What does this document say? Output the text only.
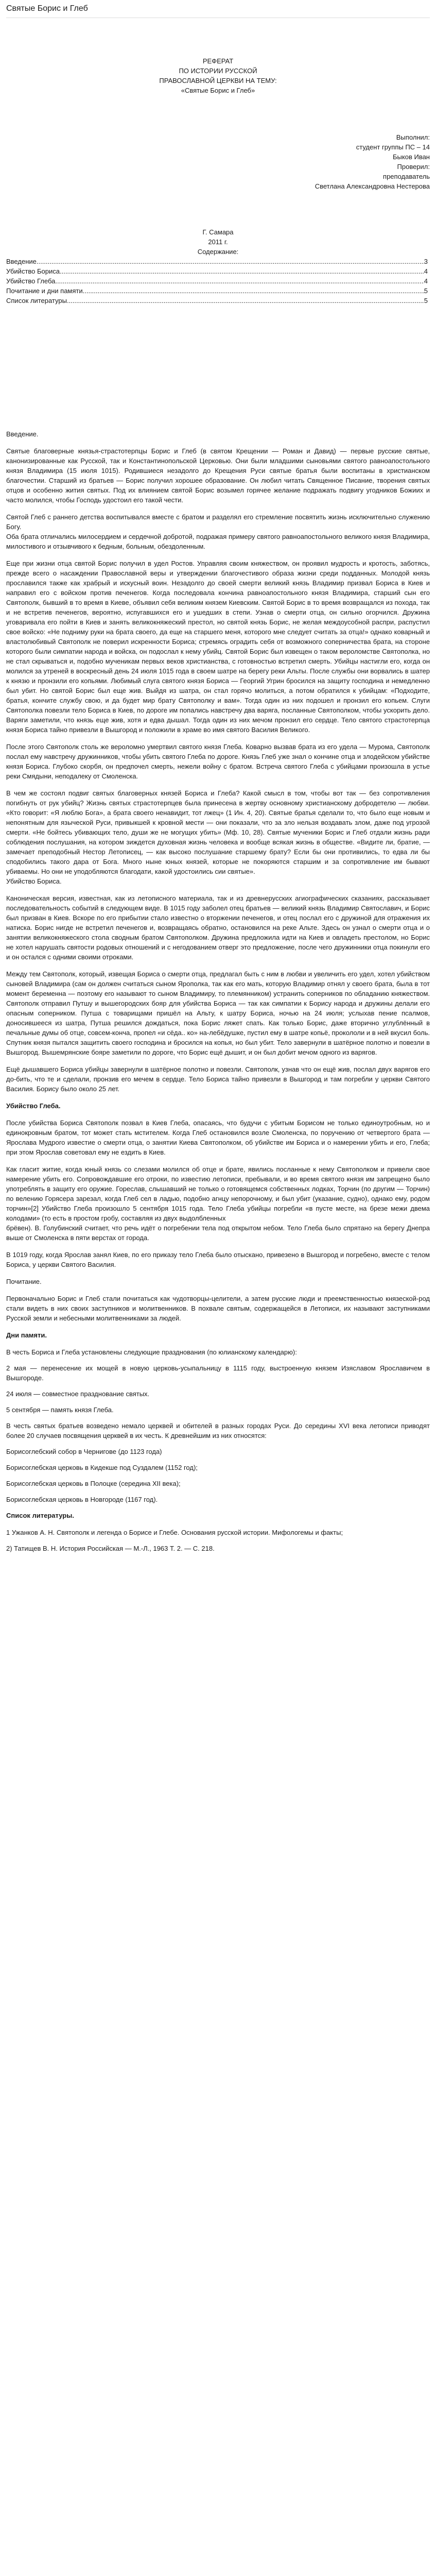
Святые Борис и Глеб

РЕФЕРАТ

ПО ИСТОРИИ РУССКОЙ

ПРАВОСЛАВНОЙ ЦЕРКВИ НА ТЕМУ:

«Святые Борис и Глеб»

Выполнил:

студент группы ПС – 14

Быков Иван

Проверил:

преподаватель

Светлана Александровна Нестерова

Г. Самара

2011 г.

Содержание:

Введение .....	3

Убийство Бориса .....	4

Убийство Глеба .....	4

Почитание и дни памяти .....	5

Список литературы .....	5

Введение.

Святые благоверные князья-страстотерпцы Борис и Глеб (в святом Крещении — Роман и Давид) — первые русские святые, канонизированные как Русской, так и Константинопольской Церковью. Они были младшими сыновьями святого равноапостольного князя Владимира (15 июля 1015). Родившиеся незадолго до Крещения Руси святые братья были воспитаны в христианском благочестии. Старший из братьев — Борис получил хорошее образование. Он любил читать Священное Писание, творения святых отцов и особенно жития святых. Под их влиянием святой Борис возымел горячее желание подражать подвигу угодников Божиих и часто молился, чтобы Господь удостоил его такой чести.

Святой Глеб с раннего детства воспитывался вместе с братом и разделял его стремление посвятить жизнь исключительно служению Богу.

Оба брата отличались милосердием и сердечной добротой, подражая примеру святого равноапостольного великого князя Владимира, милостивого и отзывчивого к бедным, больным, обездоленным.

Еще при жизни отца святой Борис получил в удел Ростов. Управляя своим княжеством, он проявил мудрость и кротость, заботясь, прежде всего о насаждении Православной веры и утверждении благочестивого образа жизни среди подданных. Молодой князь прославился также как храбрый и искусный воин. Незадолго до своей смерти великий князь Владимир призвал Бориса в Киев и направил его с войском против печенегов. Когда последовала кончина равноапостольного князя Владимира, старший сын его Святополк, бывший в то время в Киеве, объявил себя великим князем Киевским. Святой Борис в то время возвращался из похода, так и не встретив печенегов, вероятно, испугавшихся его и ушедших в степи. Узнав о смерти отца, он сильно огорчился. Дружина уговаривала его пойти в Киев и занять великокняжеский престол, но святой князь Борис, не желая междоусобной распри, распустил свое войско: «Не подниму руки на брата своего, да еще на старшего меня, которого мне следует считать за отца!» однако коварный и властолюбивый Святополк не поверил искренности Бориса; стремясь оградить себя от возможного соперничества брата, на стороне которого были симпатии народа и войска, он подослал к нему убийц. Святой Борис был извещен о таком вероломстве Святополка, но не стал скрываться и, подобно мученикам первых веков христианства, с готовностью встретил смерть. Убийцы настигли его, когда он молился за утреней в воскресный день 24 июля 1015 года в своем шатре на берегу реки Альты. После службы они ворвались в шатер к князю и пронзили его копьями. Любимый слуга святого князя Бориса — Георгий Угрин бросился на защиту господина и немедленно был убит. Но святой Борис был еще жив. Выйдя из шатра, он стал горячо молиться, а потом обратился к убийцам: «Подходите, братья, кончите службу свою, и да будет мир брату Святополку и вам». Тогда один из них подошел и пронзил его копьем. Слуги Святополка повезли тело Бориса в Киев, по дороге им попались навстречу два варяга, посланные Святополком, чтобы ускорить дело. Варяги заметили, что князь еще жив, хотя и едва дышал. Тогда один из них мечом пронзил его сердце. Тело святого страстотерпца князя Бориса тайно привезли в Вышгород и положили в храме во имя святого Василия Великого.

После этого Святополк столь же вероломно умертвил святого князя Глеба. Коварно вызвав брата из его удела — Мурома, Святополк послал ему навстречу дружинников, чтобы убить святого Глеба по дороге. Князь Глеб уже знал о кончине отца и злодейском убийстве князя Бориса. Глубоко скорбя, он предпочел смерть, нежели войну с братом. Встреча святого Глеба с убийцами произошла в устье реки Смядыни, неподалеку от Смоленска.

В чем же состоял подвиг святых благоверных князей Бориса и Глеба? Какой смысл в том, чтобы вот так — без сопротивления погибнуть от рук убийц? Жизнь святых страстотерпцев была принесена в жертву основному христианскому добродетелю — любви. «Кто говорит: «Я люблю Бога», а брата своего ненавидит, тот лжец» (1 Ин. 4, 20). Святые братья сделали то, что было еще новым и непонятным для языческой Руси, привыкшей к кровной мести — они показали, что за зло нельзя воздавать злом, даже под угрозой смерти. «Не бойтесь убивающих тело, души же не могущих убить» (Мф. 10, 28). Святые мученики Борис и Глеб отдали жизнь ради соблюдения послушания, на котором зиждется духовная жизнь человека и вообще всякая жизнь в обществе. «Видите ли, братие, — замечает преподобный Нестор Летописец, — как высоко послушание старшему брату? Если бы они противились, то едва ли бы сподобились такого дара от Бога. Много ныне юных князей, которые не покоряются старшим и за сопротивление им бывают убиваемы. Но они не уподобляются благодати, какой удостоились сии святые».

Убийство Бориса.

Каноническая версия, известная, как из летописного материала, так и из древнерусских агиографических сказаниях, рассказывает последовательность событий в следующем виде. В 1015 году заболел отец братьев — великий князь Владимир Святославич, и Борис был призван в Киев. Вскоре по его прибытии стало известно о вторжении печенегов, и отец послал его с дружиной для отражения их натиска. Борис нигде не встретил печенегов и, возвращаясь обратно, остановился на реке Альте. Здесь он узнал о смерти отца и о занятии великокняжеского стола сводным братом Святополком. Дружина предложила идти на Киев и овладеть престолом, но Борис не хотел нарушать святости родовых отношений и с негодованием отверг это предложение, после чего дружинники отца покинули его и он остался с одними своими отроками.

Между тем Святополк, который, извещая Бориса о смерти отца, предлагал быть с ним в любви и увеличить его удел, хотел убийством сыновей Владимира (сам он должен считаться сыном Ярополка, так как его мать, которую Владимир отнял у своего брата, была в тот момент беременна — поэтому его называют то сыном Владимиру, то племянником) устранить соперников по обладанию княжеством. Святополк отправил Путшу и вышегородских бояр для убийства Бориса — так как симпатии к Борису народа и дружины делали его опасным соперником. Путша с товарищами пришёл на Альту, к шатру Бориса, ночью на 24 июля; услыхав пение псалмов, доносившееся из шатра, Путша решился дождаться, пока Борис ляжет спать. Как только Борис, даже вторично углублённый в печальные думы об отце, совсем-конча, пропел «и сёда.. ко» на-лебёдушке, пустил ему в шатре копьё, прокололи и в ней вкусил боль. Спутник князя пытался защитить своего господина и бросился на копья, но был убит. Тело завернули в шатёрное полотно и повезли в Вышгород. Вышемрянские бояре заметили по дороге, что Борис ещё дышит, и он был добит мечом одного из варягов.

Ещё дышавшего Бориса убийцы завернули в шатёрное полотно и повезли. Святополк, узнав что он ещё жив, послал двух варягов его до-бить, что те и сделали, пронзив его мечем в сердце. Тело Бориса тайно привезли в Вышгород и там погребли у церкви Святого Василия. Борису было около 25 лет.

Убийство Глеба.

После убийства Бориса Святополк позвал в Киев Глеба, опасаясь, что будучи с убитым Борисом не только единоутробным, но и единокровным братом, тот может стать мстителем. Когда Глеб остановился возле Смоленска, по поручению от четвертого брата — Ярослава Мудрого известие о смерти отца, о занятии Киева Святополком, об убийстве им Бориса и о намерении убить и его, Глеба; при этом Ярослав советовал ему не ездить в Киев.

Как гласит житие, когда юный князь со слезами молился об отце и брате, явились посланные к нему Святополком и привели свое намерение убить его. Сопровождавшие его отроки, по известию летописи, пребывали, и во время святого князя им запрещено было употреблять в защиту его оружие. Гореслав, слышавший не только о готовящемся собственных лодках, Торчин (по другим — Торчин) по велению Горясера зарезал, когда Глеб сел в ладью, подобно агнцу непорочному, и был убит (указание, судно), однако ему, родом торчин»[2] Убийство Глеба произошло 5 сентября 1015 года. Тело Глеба убийцы погребли «в пусте месте, на брезе межи двема колодами» (то есть в простом гробу, составляя из двух выдолбленных

брёвен). В. Голубинский считает, что речь идёт о погребении тела под открытом небом. Тело Глеба было спрятано на берегу Днепра выше от Смоленска в пяти верстах от города.

В 1019 году, когда Ярослав занял Киев, по его приказу тело Глеба было отыскано, привезено в Вышгород и погребено, вместе с телом Бориса, у церкви Святого Василия.

Почитание.

Первоначально Борис и Глеб стали почитаться как чудотворцы-целители, а затем русские люди и преемственностью князеской-род стали видеть в них своих заступников и молитвенников. В похвале святым, содержащейся в Летописи, их называют заступниками Русской земли и небесными молитвенниками за людей.

Дни памяти.

В честь Бориса и Глеба установлены следующие празднования (по юлианскому календарю):

2 мая — перенесение их мощей в новую церковь-усыпальницу в 1115 году, выстроенную князем Изяславом Ярославичем в Вышгороде.

24 июля — совместное празднование святых.

5 сентября — память князя Глеба.

В честь святых братьев возведено немало церквей и обителей в разных городах Руси. До середины XVI века летописи приводят более 20 случаев посвящения церквей в их честь. К древнейшим из них относятся:

Борисоглебский собор в Чернигове (до 1123 года)

Борисоглебская церковь в Кидекше под Суздалем (1152 год);

Борисоглебская церковь в Полоцке (середина XII века);

Борисоглебская церковь в Новгороде (1167 год).

Список литературы.

1 Ужанков А. Н. Святополк и легенда о Борисе и Глебе. Основания русской истории. Мифологемы и факты;

2) Татищев В. Н. История Российская — М.-Л., 1963 Т. 2. — С. 218.
